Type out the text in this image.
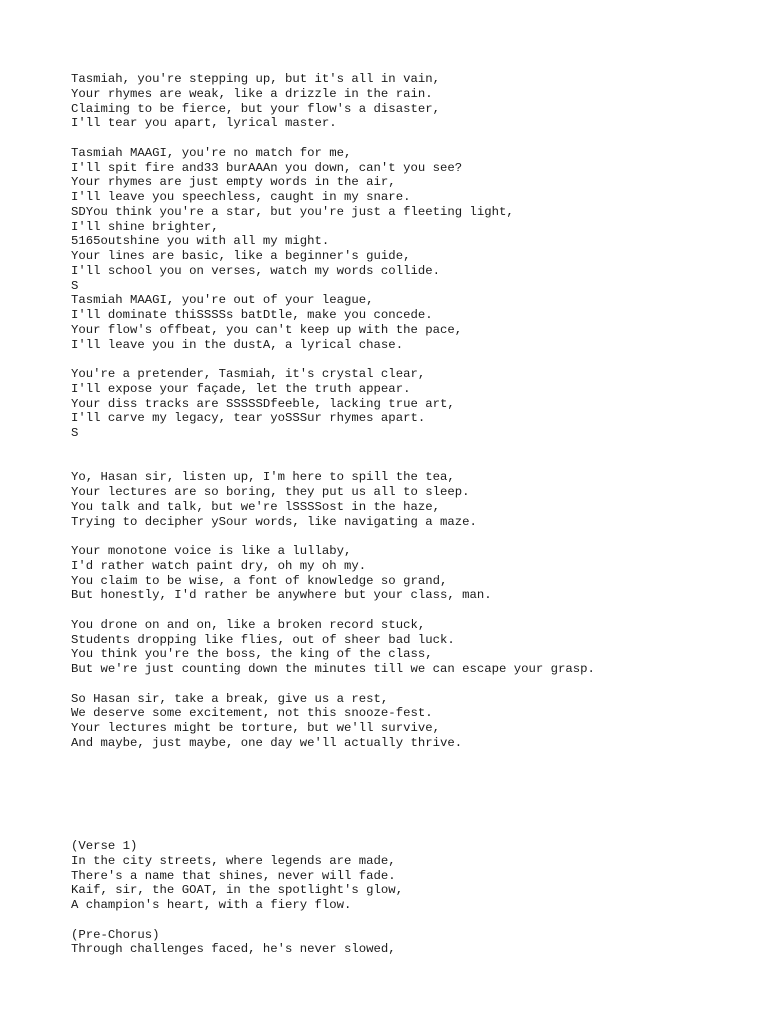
Tasmiah, you're stepping up, but it's all in vain,
Your rhymes are weak, like a drizzle in the rain.
Claiming to be fierce, but your flow's a disaster,
I'll tear you apart, lyrical master.

Tasmiah MAAGI, you're no match for me,
I'll spit fire and33 burAAAn you down, can't you see?
Your rhymes are just empty words in the air,
I'll leave you speechless, caught in my snare.
SDYou think you're a star, but you're just a fleeting light,
I'll shine brighter,
5165outshine you with all my might.
Your lines are basic, like a beginner's guide,
I'll school you on verses, watch my words collide.
S
Tasmiah MAAGI, you're out of your league,
I'll dominate thiSSSSs batDtle, make you concede.
Your flow's offbeat, you can't keep up with the pace,
I'll leave you in the dustA, a lyrical chase.

You're a pretender, Tasmiah, it's crystal clear,
I'll expose your façade, let the truth appear.
Your diss tracks are SSSSSDfeeble, lacking true art,
I'll carve my legacy, tear yoSSSur rhymes apart.
S

Yo, Hasan sir, listen up, I'm here to spill the tea,
Your lectures are so boring, they put us all to sleep.
You talk and talk, but we're lSSSSost in the haze,
Trying to decipher ySour words, like navigating a maze.

Your monotone voice is like a lullaby,
I'd rather watch paint dry, oh my oh my.
You claim to be wise, a font of knowledge so grand,
But honestly, I'd rather be anywhere but your class, man.

You drone on and on, like a broken record stuck,
Students dropping like flies, out of sheer bad luck.
You think you're the boss, the king of the class,
But we're just counting down the minutes till we can escape your grasp.

So Hasan sir, take a break, give us a rest,
We deserve some excitement, not this snooze-fest.
Your lectures might be torture, but we'll survive,
And maybe, just maybe, one day we'll actually thrive.

(Verse 1)
In the city streets, where legends are made,
There's a name that shines, never will fade.
Kaif, sir, the GOAT, in the spotlight's glow,
A champion's heart, with a fiery flow.

(Pre-Chorus)
Through challenges faced, he's never slowed,
